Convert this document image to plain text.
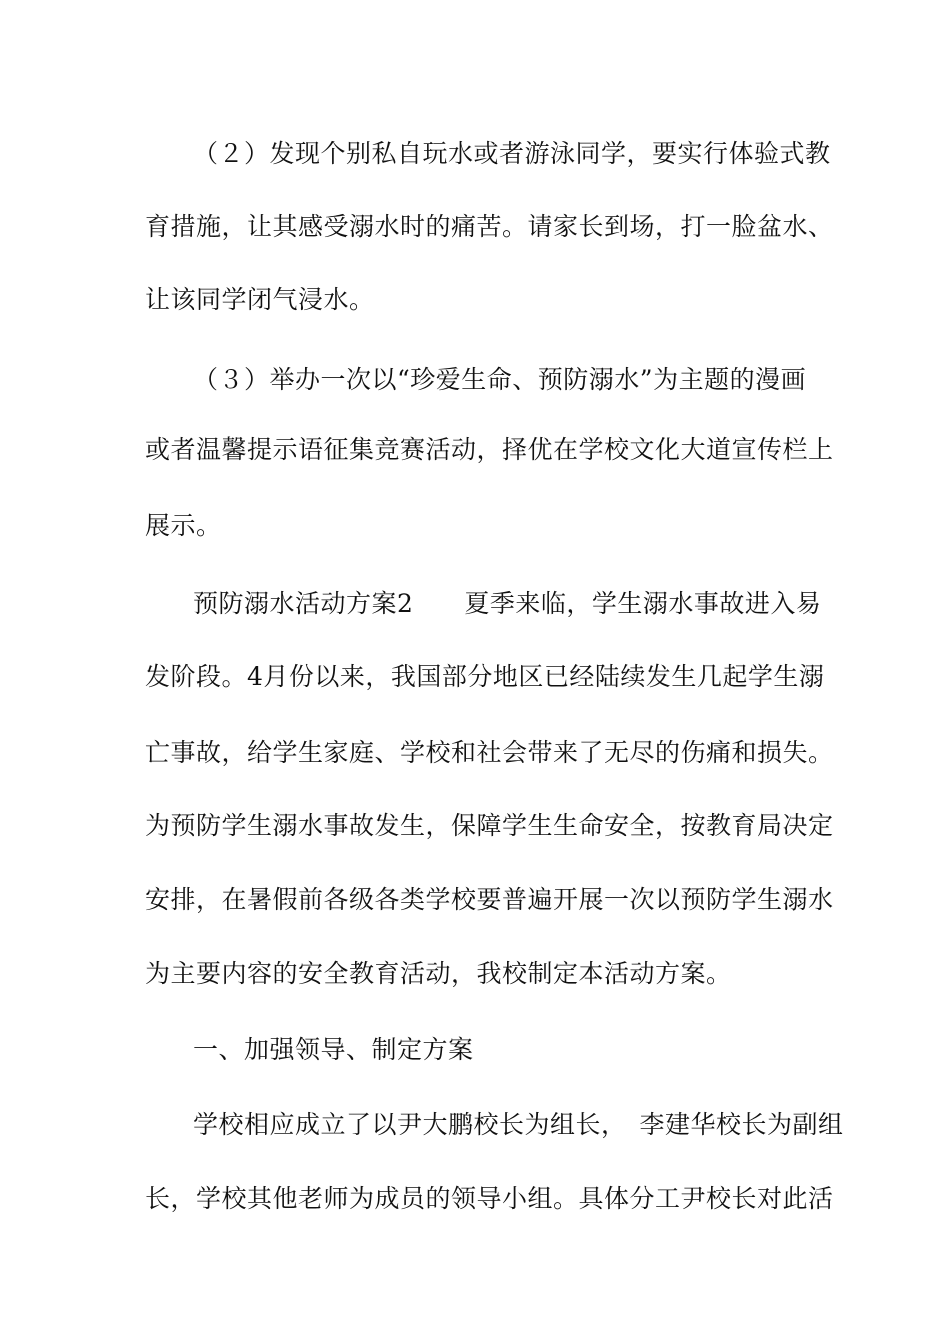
（２）发现个别私自玩水或者游泳同学，要实行体验式教
育措施，让其感受溺水时的痛苦。请家长到场，打一脸盆水、
让该同学闭气浸水。
（３）举办一次以“珍爱生命、预防溺水”为主题的漫画
或者温馨提示语征集竞赛活动，择优在学校文化大道宣传栏上
展示。
预防溺水活动方案2　　夏季来临，学生溺水事故进入易
发阶段。4月份以来，我国部分地区已经陆续发生几起学生溺
亡事故，给学生家庭、学校和社会带来了无尽的伤痛和损失。
为预防学生溺水事故发生，保障学生生命安全，按教育局决定
安排，在暑假前各级各类学校要普遍开展一次以预防学生溺水
为主要内容的安全教育活动，我校制定本活动方案。
一、加强领导、制定方案
学校相应成立了以尹大鹏校长为组长，　李建华校长为副组
长，学校其他老师为成员的领导小组。具体分工尹校长对此活
